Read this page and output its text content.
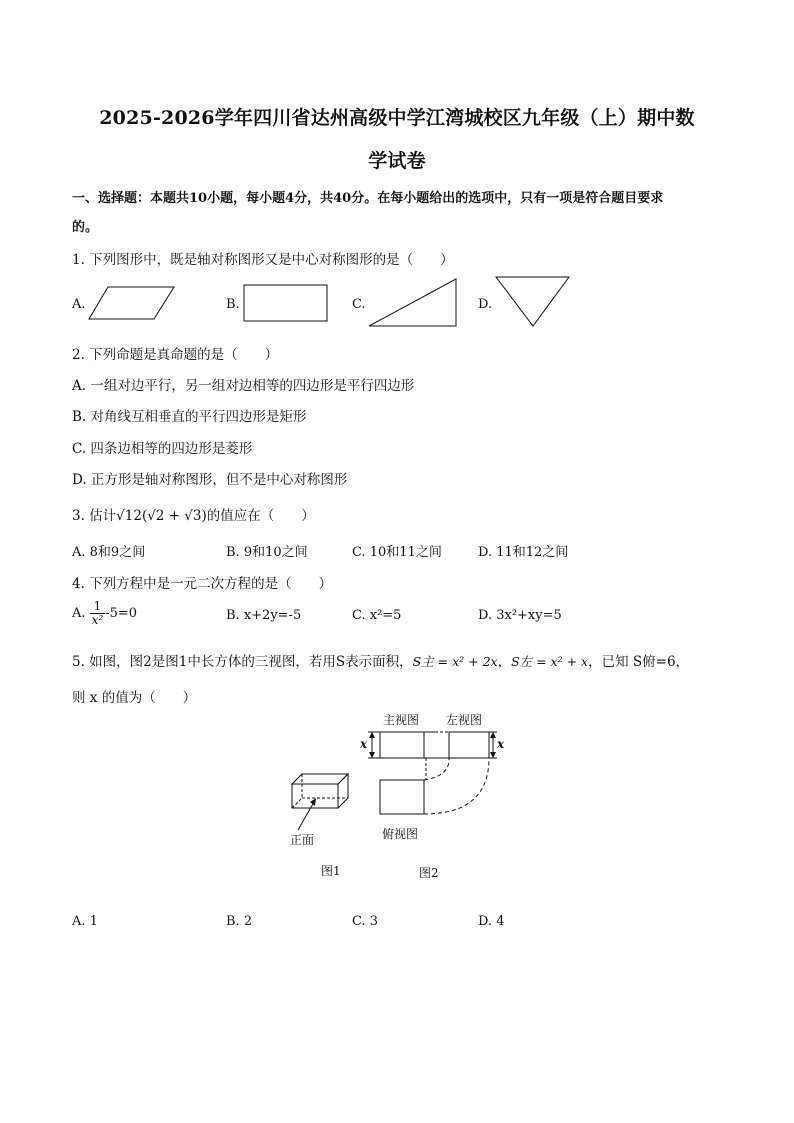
2025-2026学年四川省达州高级中学江湾城校区九年级（上）期中数
学试卷
一、选择题：本题共10小题，每小题4分，共40分。在每小题给出的选项中，只有一项是符合题目要求
的。
1. 下列图形中，既是轴对称图形又是中心对称图形的是（　　）
A.	B.	C.	D.
2. 下列命题是真命题的是（　　）
A. 一组对边平行，另一组对边相等的四边形是平行四边形
B. 对角线互相垂直的平行四边形是矩形
C. 四条边相等的四边形是菱形
D. 正方形是轴对称图形，但不是中心对称图形
3. 估计√12(√2 + √3)的值应在（　　）
A. 8和9之间	B. 9和10之间	C. 10和11之间	D. 11和12之间
4. 下列方程中是一元二次方程的是（　　）
A. $\frac{1}{\text{x²}} -5=0$	B. x+2y=-5	C. x²=5	D. 3x²+xy=5
5. 如图，图2是图1中长方体的三视图，若用S表示面积，S主 = x² + 2x，S左 = x² + x，已知 S俯=6，
则 x 的值为（　　）
主视图 左视图
x	x
俯视图
正面
图1	图2
A. 1	B. 2	C. 3	D. 4
